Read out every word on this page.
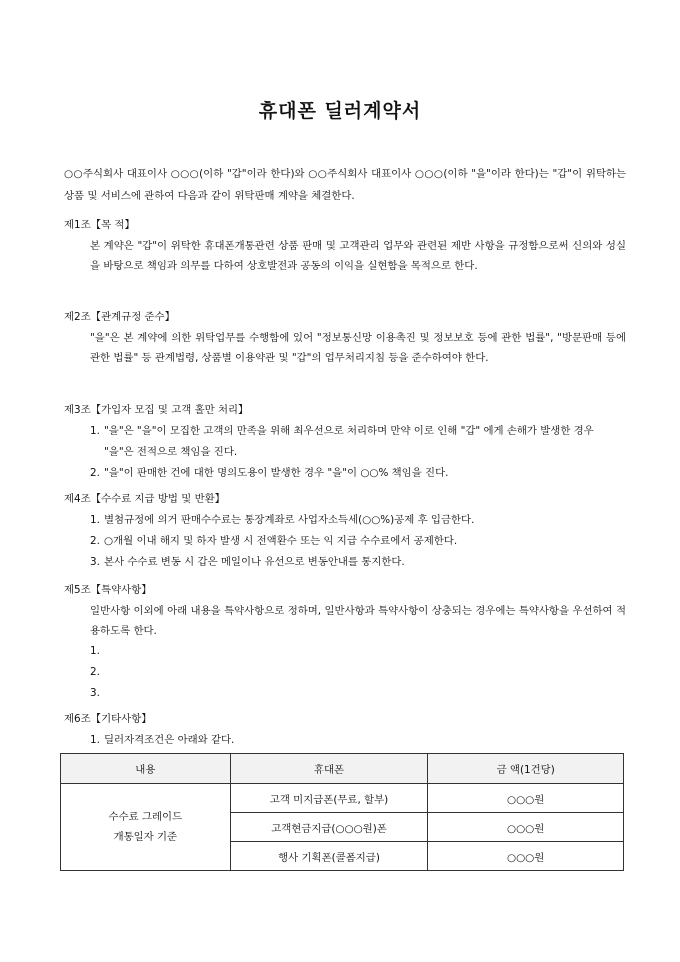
휴대폰 딜러계약서
○○주식회사 대표이사 ○○○(이하 "갑"이라 한다)와 ○○주식회사 대표이사 ○○○(이하 "을"이라 한다)는 "갑"이 위탁하는 상품 및 서비스에 관하여 다음과 같이 위탁판매 계약을 체결한다.
제1조【목 적】
본 계약은 "갑"이 위탁한 휴대폰개통관련 상품 판매 및 고객관리 업무와 관련된 제반 사항을 규정함으로써 신의와 성실을 바탕으로 책임과 의무를 다하여 상호발전과 공동의 이익을 실현함을 목적으로 한다.
제2조【관계규정 준수】
"을"은 본 계약에 의한 위탁업무를 수행함에 있어 "정보통신망 이용촉진 및 정보보호 등에 관한 법률", "방문판매 등에 관한 법률" 등 관계법령, 상품별 이용약관 및 "갑"의 업무처리지침 등을 준수하여야 한다.
제3조【가입자 모집 및 고객 홀만 처리】
1. "을"은 "을"이 모집한 고객의 만족을 위해 최우선으로 처리하며 만약 이로 인해 "갑" 에게 손해가 발생한 경우 "을"은 전적으로 책임을 진다.
2. "을"이 판매한 건에 대한 명의도용이 발생한 경우 "을"이 ○○% 책임을 진다.
제4조【수수료 지급 방법 및 반환】
1. 별첨규정에 의거 판매수수료는 통장계좌로 사업자소득세(○○%)공제 후 입금한다.
2. ○개월 이내 해지 및 하자 발생 시 전액환수 또는 익 지급 수수료에서 공제한다.
3. 본사 수수료 변동 시 갑은 메일이나 유선으로 변동안내를 통지한다.
제5조【특약사항】
일반사항 이외에 아래 내용을 특약사항으로 정하며, 일반사항과 특약사항이 상충되는 경우에는 특약사항을 우선하여 적용하도록 한다.
1.

2.

3.

제6조【기타사항】
1. 딜러자격조건은 아래와 같다.
내용	휴대폰	금 액(1건당)
수수료 그레이드
개통일자 기준	고객 미지급폰(무료, 할부)	○○○원
	고객현금지급(○○○원)폰	○○○원
	행사 기획폰(콜폼지급)	○○○원
